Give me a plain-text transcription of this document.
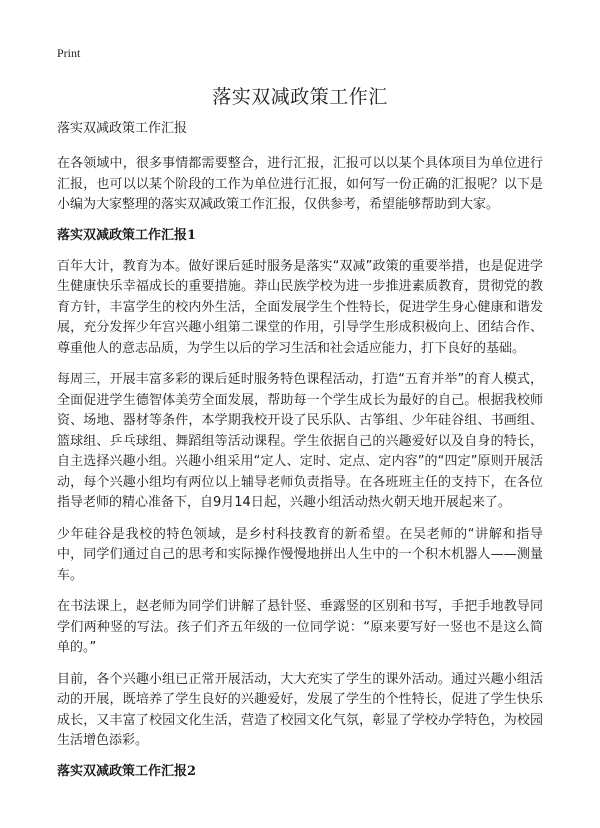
Print
落实双减政策工作汇
落实双减政策工作汇报

在各领域中，很多事情都需要整合，进行汇报，汇报可以以某个具体项目为单位进行汇报，也可以以某个阶段的工作为单位进行汇报，如何写一份正确的汇报呢？以下是小编为大家整理的落实双减政策工作汇报，仅供参考，希望能够帮助到大家。

落实双减政策工作汇报1

百年大计，教育为本。做好课后延时服务是落实“双减”政策的重要举措，也是促进学生健康快乐幸福成长的重要措施。莽山民族学校为进一步推进素质教育，贯彻党的教育方针，丰富学生的校内外生活，全面发展学生个性特长，促进学生身心健康和谐发展，充分发挥少年宫兴趣小组第二课堂的作用，引导学生形成积极向上、团结合作、尊重他人的意志品质，为学生以后的学习生活和社会适应能力，打下良好的基础。

每周三，开展丰富多彩的课后延时服务特色课程活动，打造“五育并举”的育人模式，全面促进学生德智体美劳全面发展，帮助每一个学生成长为最好的自己。根据我校师资、场地、器材等条件，本学期我校开设了民乐队、古筝组、少年硅谷组、书画组、篮球组、乒乓球组、舞蹈组等活动课程。学生依据自己的兴趣爱好以及自身的特长，自主选择兴趣小组。兴趣小组采用“定人、定时、定点、定内容”的“四定”原则开展活动，每个兴趣小组均有两位以上辅导老师负责指导。在各班班主任的支持下，在各位指导老师的精心准备下，自9月14日起，兴趣小组活动热火朝天地开展起来了。

少年硅谷是我校的特色领域，是乡村科技教育的新希望。在吴老师的“讲解和指导中，同学们通过自己的思考和实际操作慢慢地拼出人生中的一个积木机器人——测量车。

在书法课上，赵老师为同学们讲解了悬针竖、垂露竖的区别和书写，手把手地教导同学们两种竖的写法。孩子们齐五年级的一位同学说：“原来要写好一竖也不是这么简单的。”

目前，各个兴趣小组已正常开展活动，大大充实了学生的课外活动。通过兴趣小组活动的开展，既培养了学生良好的兴趣爱好，发展了学生的个性特长，促进了学生快乐成长，又丰富了校园文化生活，营造了校园文化气氛，彰显了学校办学特色，为校园生活增色添彩。

落实双减政策工作汇报2
